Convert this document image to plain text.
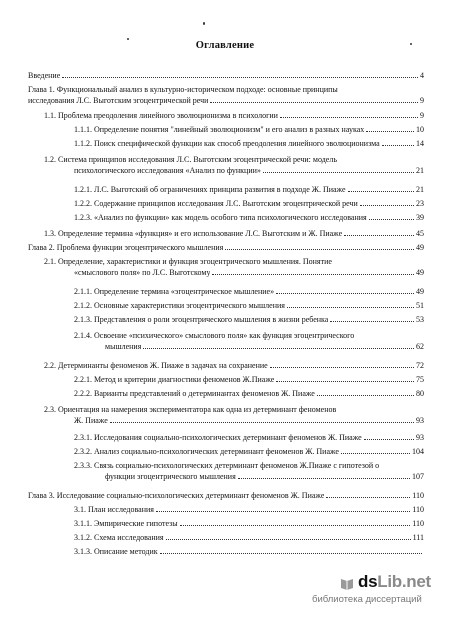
Оглавление
Введение	4
Глава 1. Функциональный анализ в культурно-историческом подходе: основные принципы
исследования Л.С. Выготским эгоцентрической речи	9
1.1. Проблема преодоления линейного эволюционизма в психологии	9
1.1.1. Определение понятия "линейный эволюционизм" и его анализ в разных науках	10
1.1.2. Поиск специфической функции как способ преодоления линейного эволюционизма	14
1.2. Система принципов исследования Л.С. Выготским эгоцентрической речи: модель
психологического исследования «Анализ по функции»	21
1.2.1. Л.С. Выготский об ограничениях принципа развития в подходе Ж. Пиаже	21
1.2.2. Содержание принципов исследования Л.С. Выготским эгоцентрической речи	23
1.2.3. «Анализ по функции» как модель особого типа психологического исследования	39
1.3. Определение термина «функция» и его использование Л.С. Выготским и Ж. Пиаже	45
Глава 2. Проблема функции эгоцентрического мышления	49
2.1. Определение, характеристики и функция эгоцентрического мышления. Понятие
«смыслового поля» по Л.С. Выготскому	49
2.1.1. Определение термина «эгоцентрическое мышление»	49
2.1.2. Основные характеристики эгоцентрического мышления	51
2.1.3. Представления о роли эгоцентрического мышления в жизни ребенка	53
2.1.4. Освоение «психического» смыслового поля» как функция эгоцентрического
мышления	62
2.2. Детерминанты феноменов Ж. Пиаже в задачах на сохранение	72
2.2.1. Метод и критерии диагностики феноменов Ж.Пиаже	75
2.2.2. Варианты представлений о детерминантах феноменов Ж. Пиаже	80
2.3. Ориентация на намерения экспериментатора как одна из детерминант феноменов
Ж. Пиаже	93
2.3.1. Исследования социально-психологических детерминант феноменов Ж. Пиаже	93
2.3.2. Анализ социально-психологических детерминант феноменов Ж. Пиаже	104
2.3.3. Связь социально-психологических детерминант феноменов Ж.Пиаже с гипотезой о
функции эгоцентрического мышления	107
Глава 3. Исследование социально-психологических детерминант феноменов Ж. Пиаже	110
3.1. План исследования	110
3.1.1. Эмпирические гипотезы	110
3.1.2. Схема исследования	111
3.1.3. Описание методик
dsLib.net
библиотека диссертаций
